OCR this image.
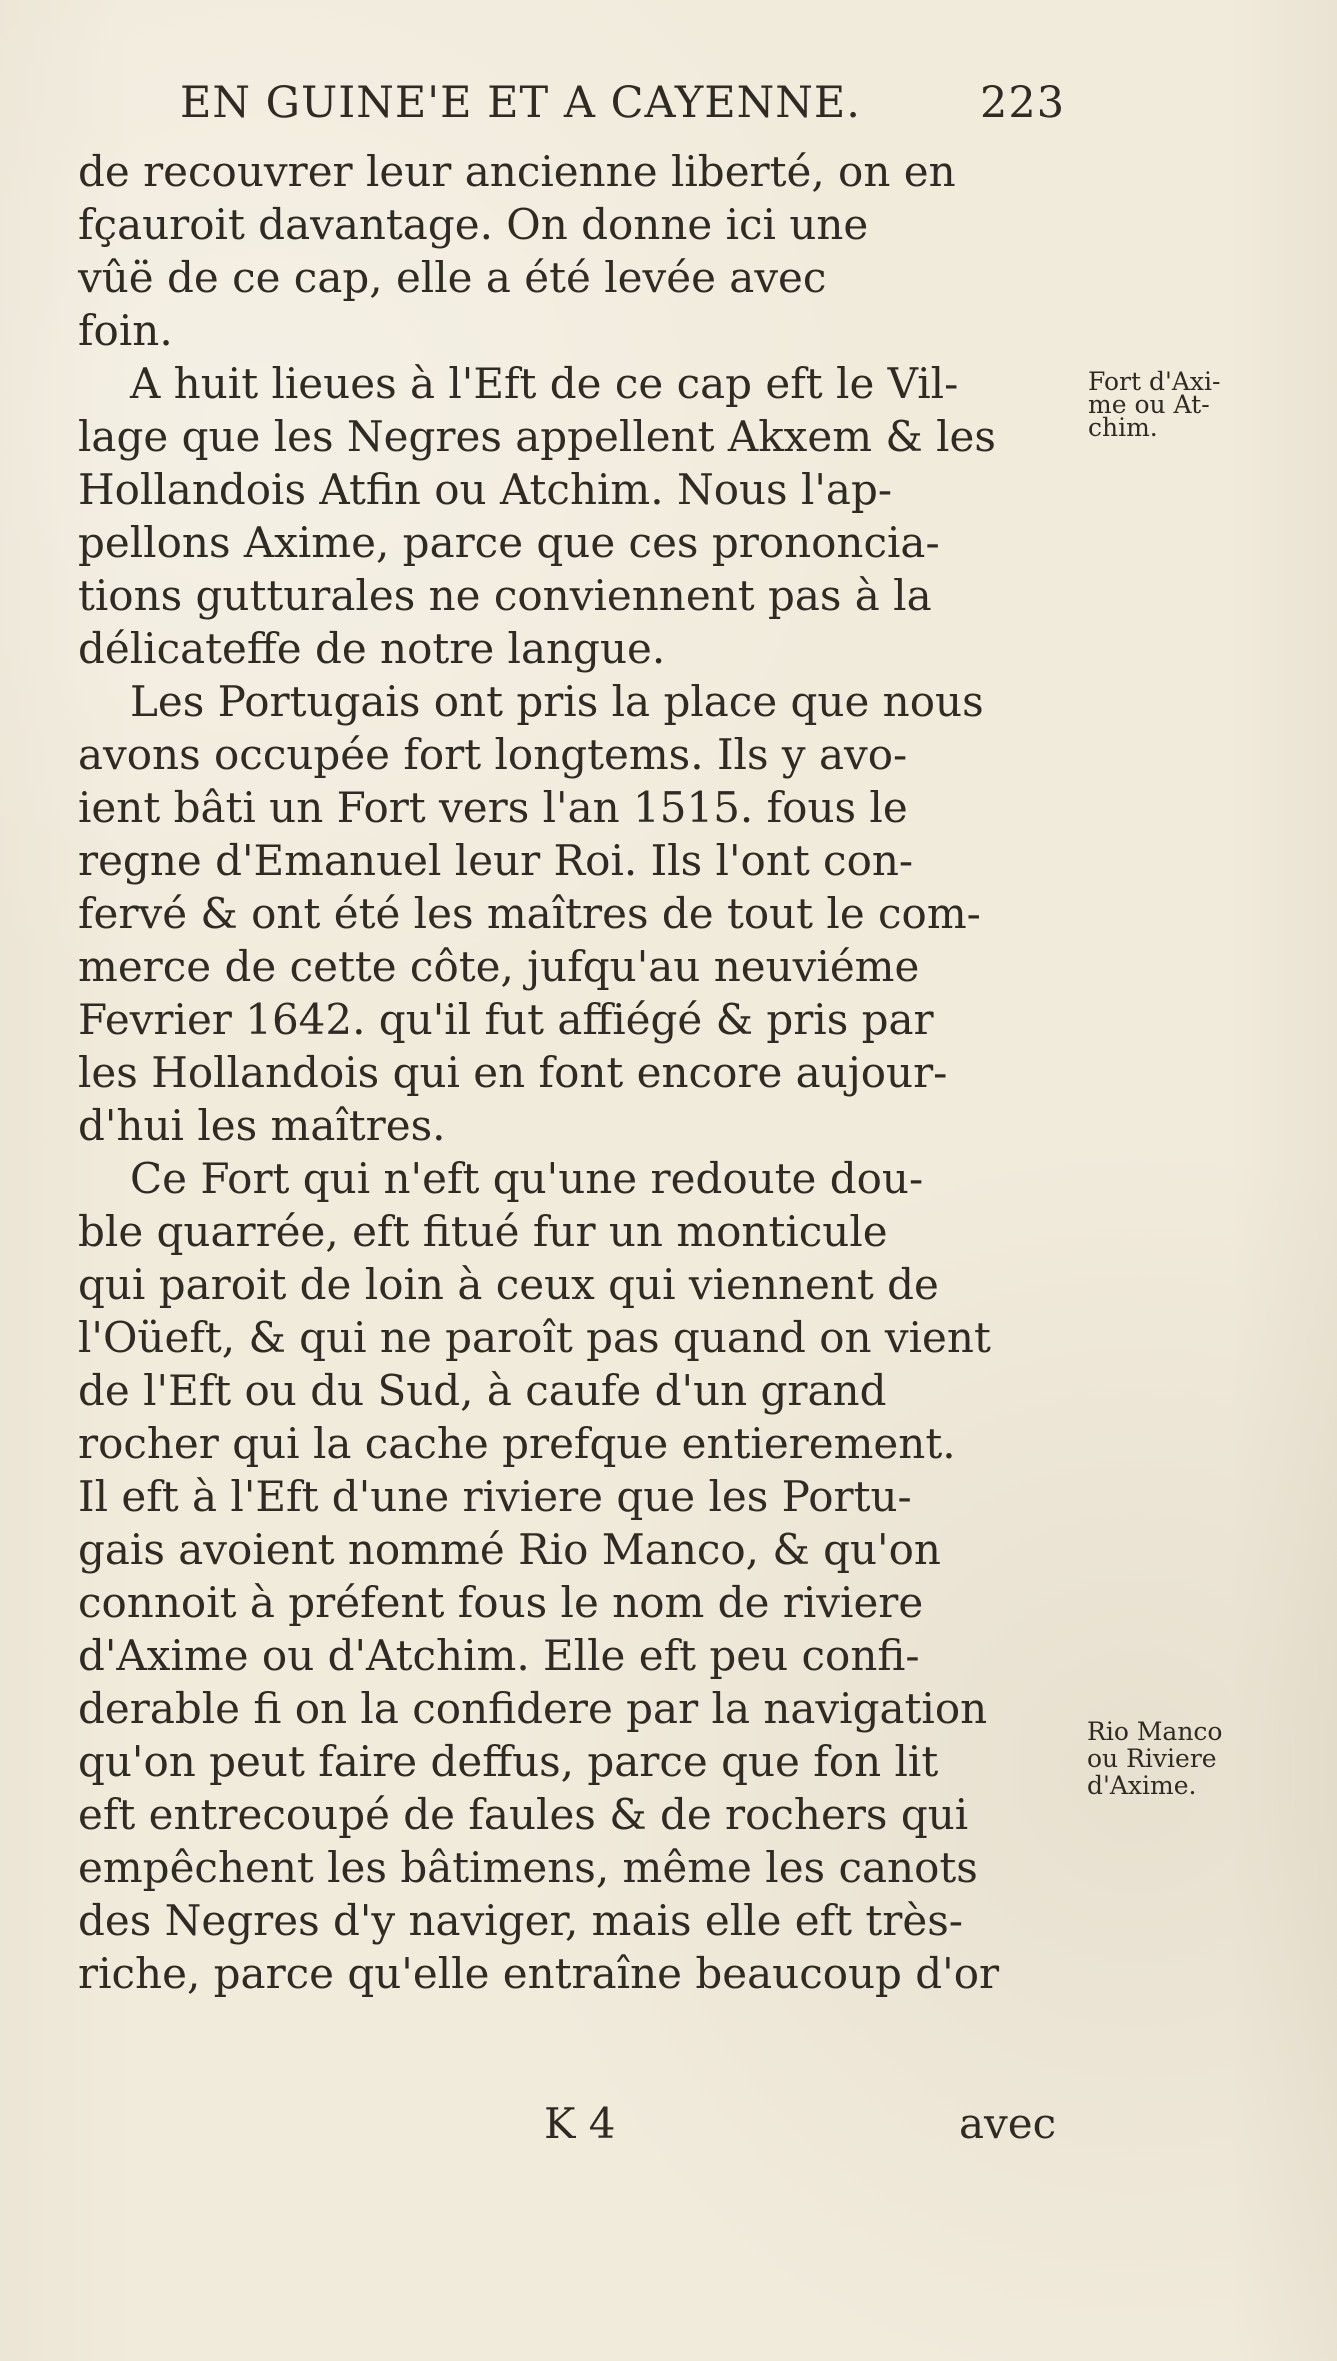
EN GUINE'E ET A CAYENNE.	223
de recouvrer leur ancienne liberté, on en
fçauroit davantage. On donne ici une
vûë de ce cap, elle a été levée avec
foin.
A huit lieues à l'Eft de ce cap eft le Vil-
lage que les Negres appellent Akxem & les
Hollandois Atfin ou Atchim. Nous l'ap-
pellons Axime, parce que ces prononcia-
tions gutturales ne conviennent pas à la
délicateffe de notre langue.
Les Portugais ont pris la place que nous
avons occupée fort longtems. Ils y avo-
ient bâti un Fort vers l'an 1515. fous le
regne d'Emanuel leur Roi. Ils l'ont con-
fervé & ont été les maîtres de tout le com-
merce de cette côte, jufqu'au neuviéme
Fevrier 1642. qu'il fut affiégé & pris par
les Hollandois qui en font encore aujour-
d'hui les maîtres.
Ce Fort qui n'eft qu'une redoute dou-
ble quarrée, eft fitué fur un monticule
qui paroit de loin à ceux qui viennent de
l'Oüeft, & qui ne paroît pas quand on vient
de l'Eft ou du Sud, à caufe d'un grand
rocher qui la cache prefque entierement.
Il eft à l'Eft d'une riviere que les Portu-
gais avoient nommé Rio Manco, & qu'on
connoit à préfent fous le nom de riviere
d'Axime ou d'Atchim. Elle eft peu confi-
derable fi on la confidere par la navigation
qu'on peut faire deffus, parce que fon lit
eft entrecoupé de faules & de rochers qui
empêchent les bâtimens, même les canots
des Negres d'y naviger, mais elle eft très-
riche, parce qu'elle entraîne beaucoup d'or
Fort d'Axi-
me ou At-
chim.
Rio Manco
ou Riviere
d'Axime.
K 4	avec
